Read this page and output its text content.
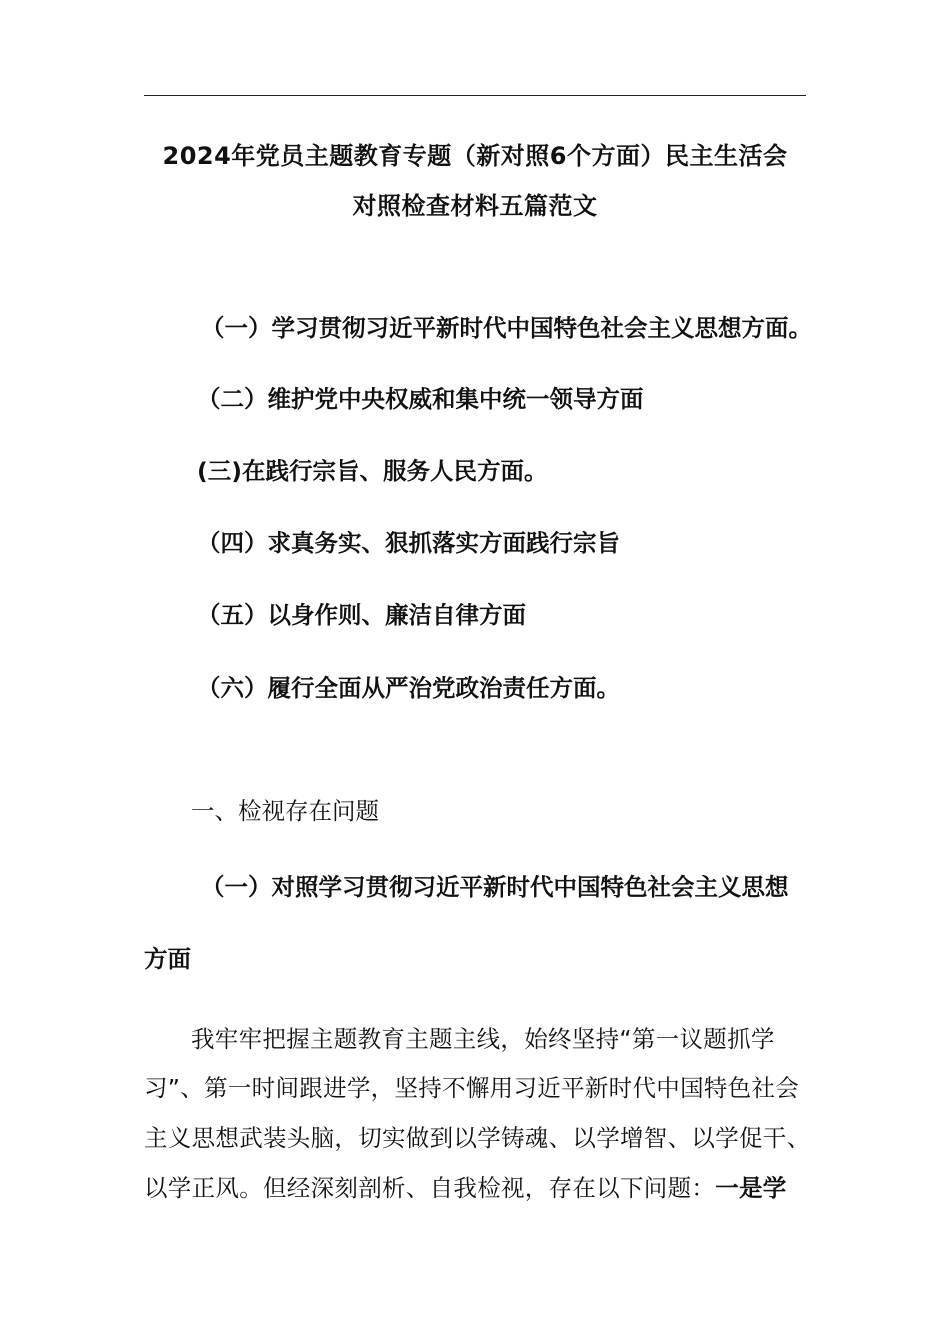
2024年党员主题教育专题（新对照6个方面）民主生活会
对照检查材料五篇范文
（一）学习贯彻习近平新时代中国特色社会主义思想方面。
（二）维护党中央权威和集中统一领导方面
(三)在践行宗旨、服务人民方面。
（四）求真务实、狠抓落实方面践行宗旨
（五）以身作则、廉洁自律方面
（六）履行全面从严治党政治责任方面。
一、检视存在问题
（一）对照学习贯彻习近平新时代中国特色社会主义思想
方面
我牢牢把握主题教育主题主线，始终坚持“第一议题抓学
习”、第一时间跟进学，坚持不懈用习近平新时代中国特色社会
主义思想武装头脑，切实做到以学铸魂、以学增智、以学促干、
以学正风。但经深刻剖析、自我检视，存在以下问题：一是学
